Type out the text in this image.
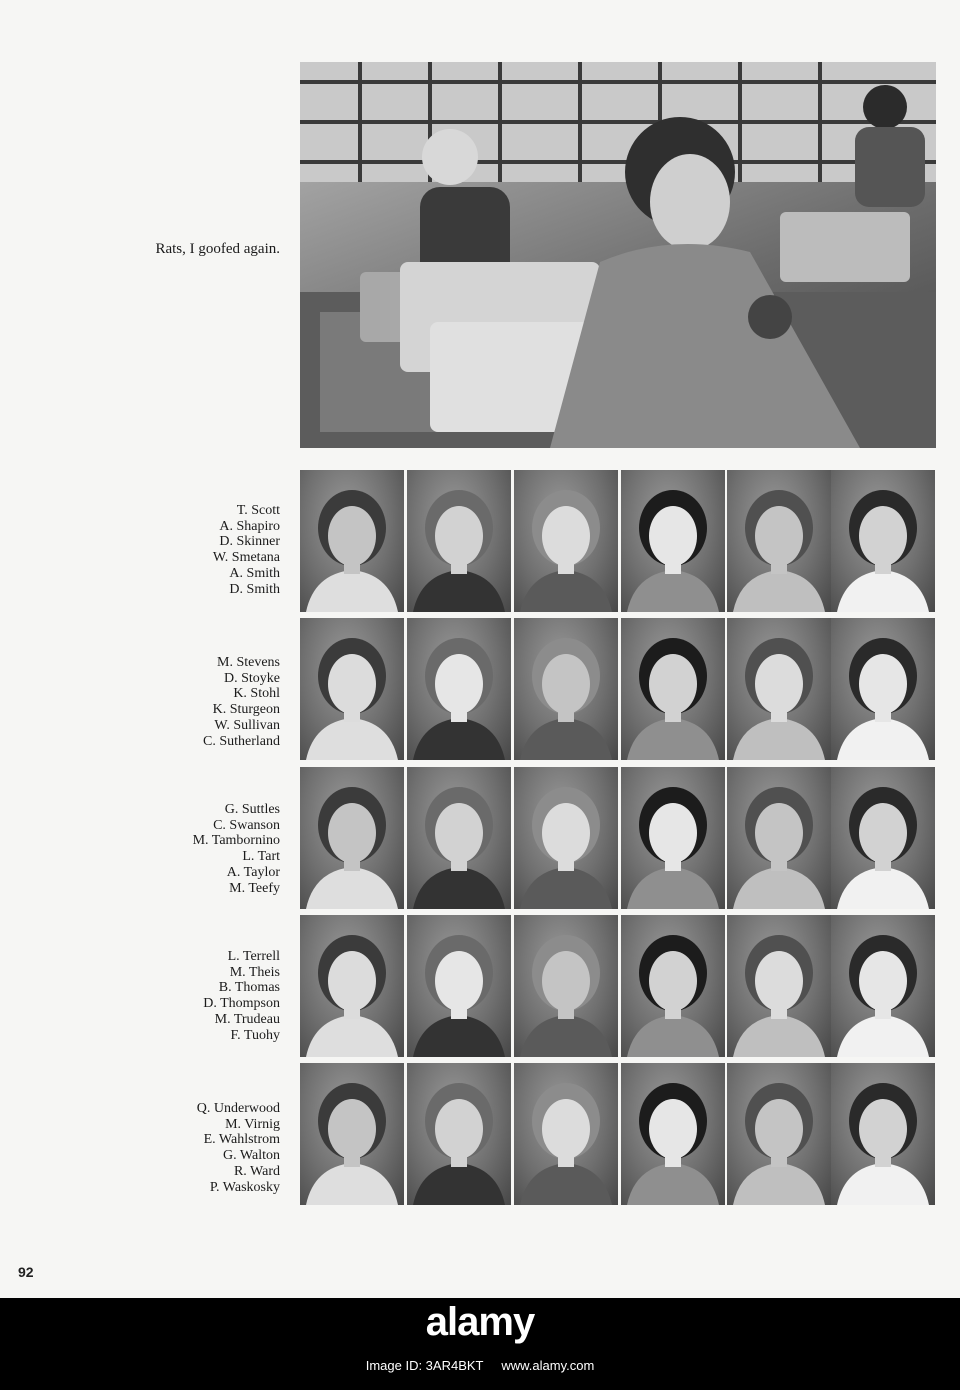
Rats, I goofed again.
T. Scott
A. Shapiro
D. Skinner
W. Smetana
A. Smith
D. Smith
M. Stevens
D. Stoyke
K. Stohl
K. Sturgeon
W. Sullivan
C. Sutherland
G. Suttles
C. Swanson
M. Tambornino
L. Tart
A. Taylor
M. Teefy
L. Terrell
M. Theis
B. Thomas
D. Thompson
M. Trudeau
F. Tuohy
Q. Underwood
M. Virnig
E. Wahlstrom
G. Walton
R. Ward
P. Waskosky
92
alamy
Image ID: 3AR4BKT www.alamy.com
